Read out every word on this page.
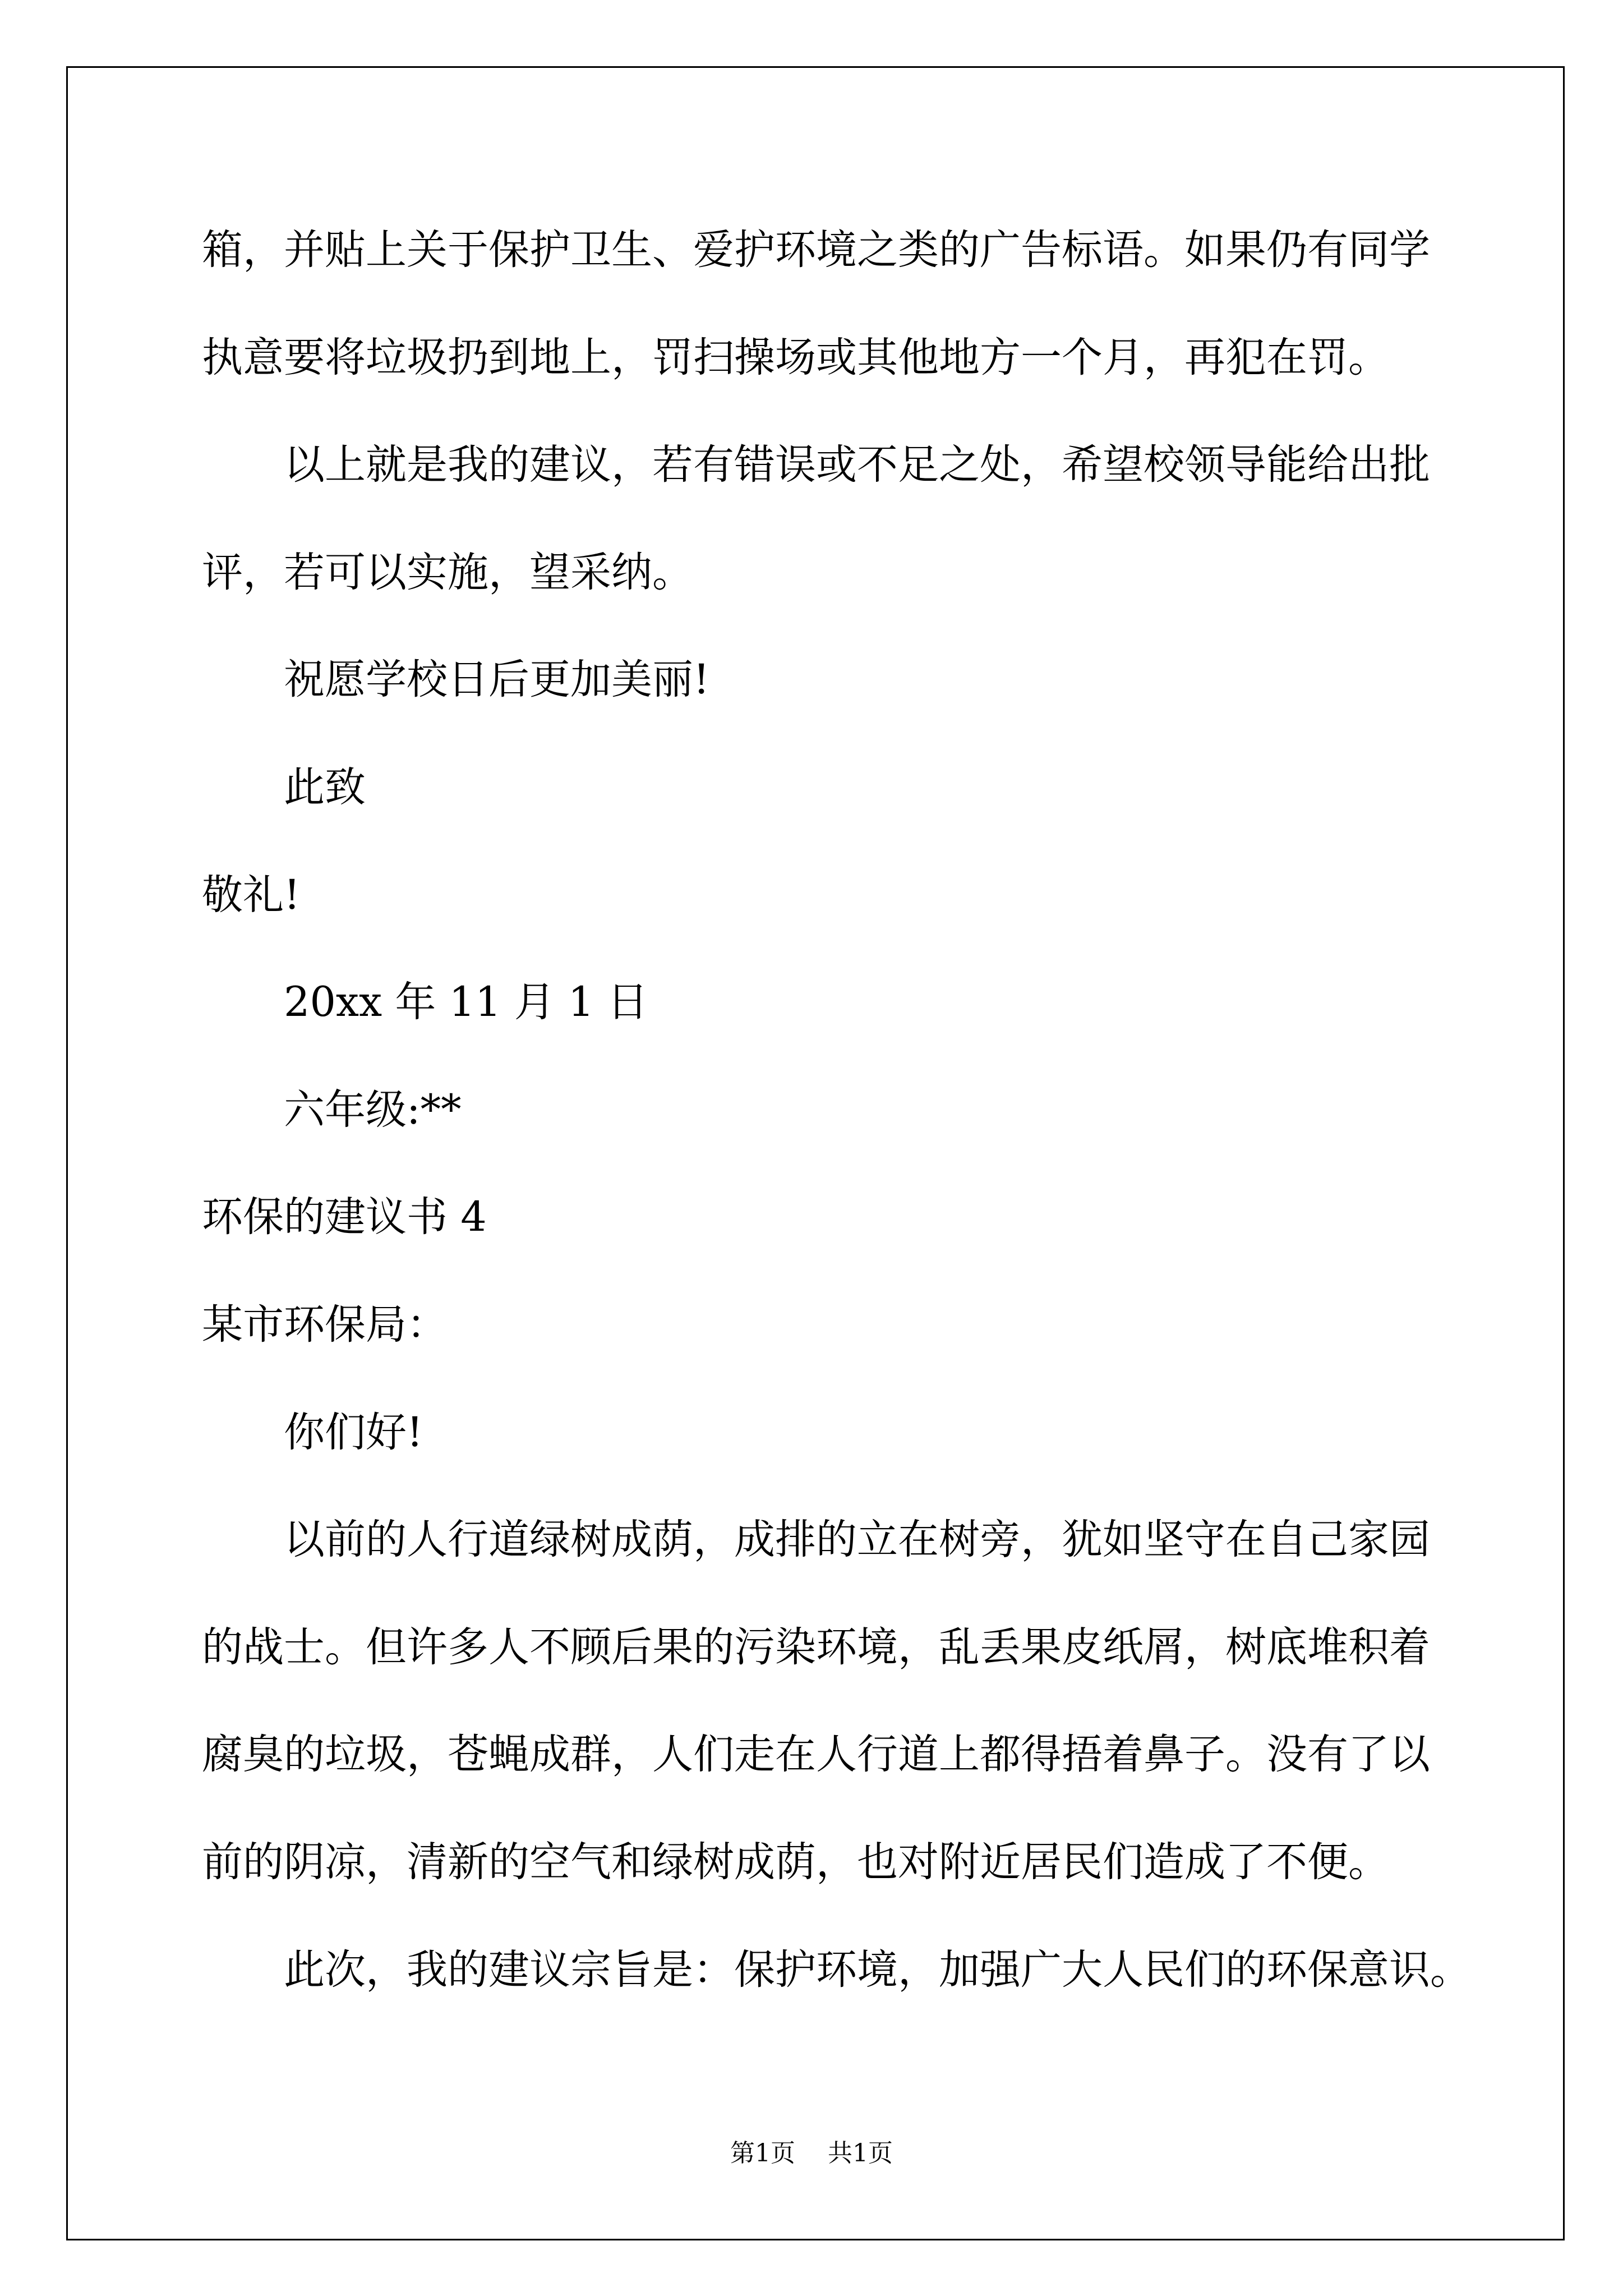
箱，并贴上关于保护卫生、爱护环境之类的广告标语。如果仍有同学
执意要将垃圾扔到地上，罚扫操场或其他地方一个月，再犯在罚。
以上就是我的建议，若有错误或不足之处，希望校领导能给出批
评，若可以实施，望采纳。
祝愿学校日后更加美丽!
此致
敬礼!
20xx 年 11 月 1 日
六年级:**
环保的建议书 4
某市环保局：
你们好!
以前的人行道绿树成荫，成排的立在树旁，犹如坚守在自己家园
的战士。但许多人不顾后果的污染环境，乱丢果皮纸屑，树底堆积着
腐臭的垃圾，苍蝇成群，人们走在人行道上都得捂着鼻子。没有了以
前的阴凉，清新的空气和绿树成荫，也对附近居民们造成了不便。
此次，我的建议宗旨是：保护环境，加强广大人民们的环保意识。
第1页 共1页
